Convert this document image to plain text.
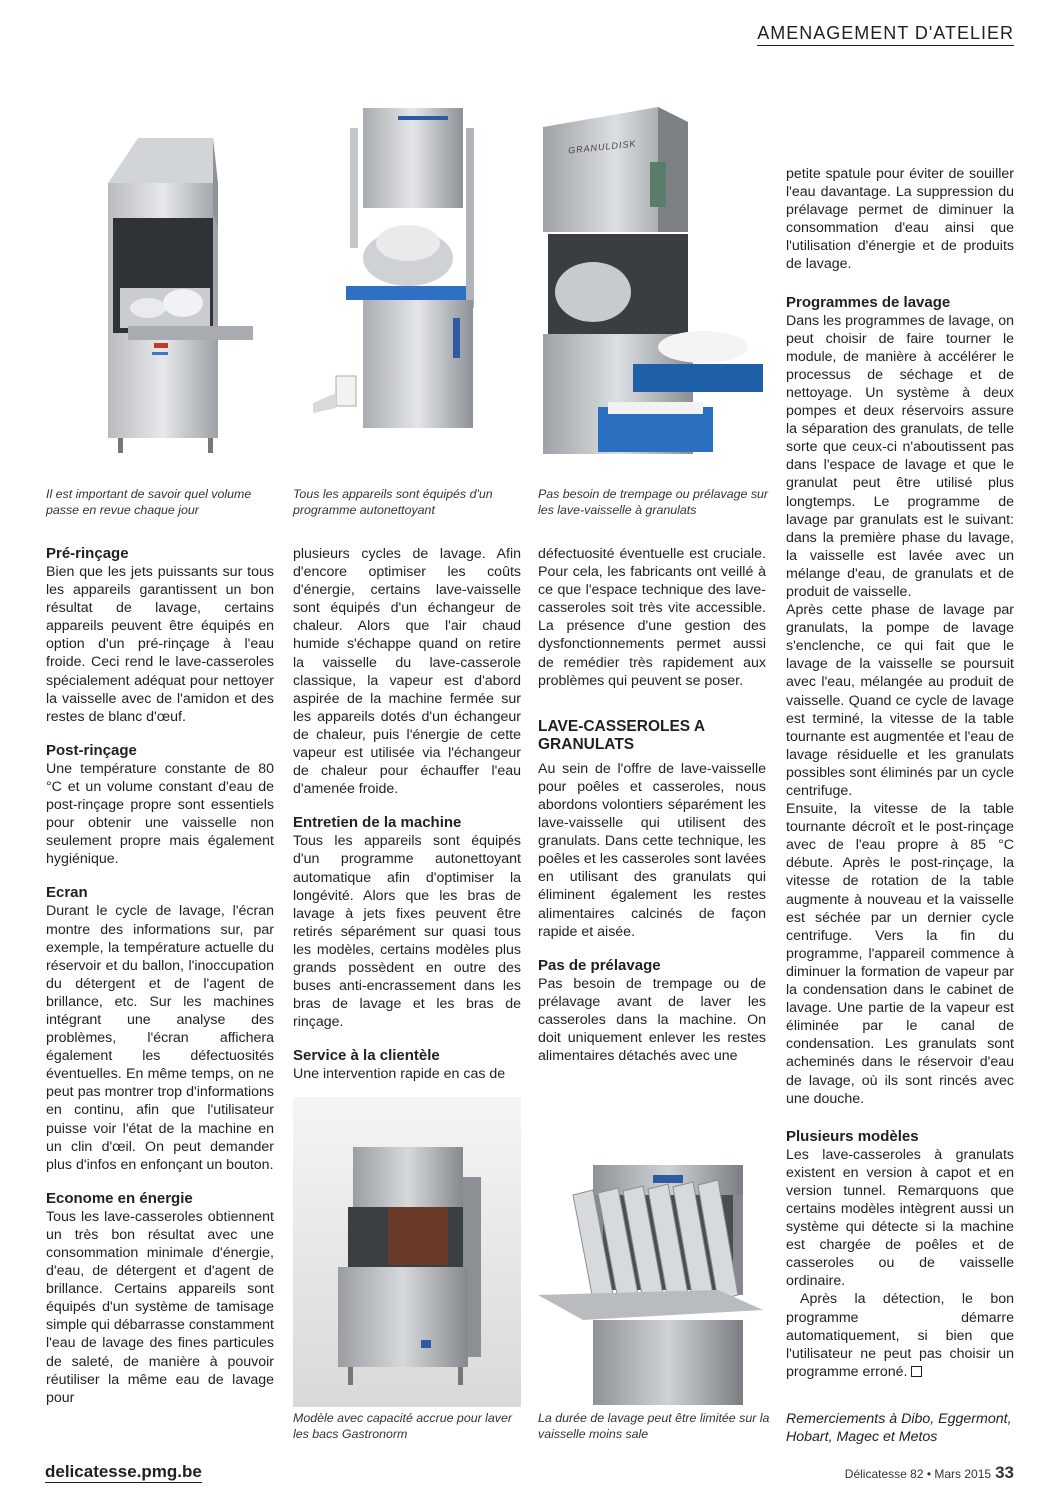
AMENAGEMENT D'ATELIER
Il est important de savoir quel volume passe en revue chaque jour
Tous les appareils sont équipés d'un programme autonettoyant
GRANULDISK
Pas besoin de trempage ou prélavage sur les lave-vaisselle à granulats
Pré-rinçage

Bien que les jets puissants sur tous les appareils garantissent un bon résultat de lavage, certains appareils peuvent être équipés en option d'un pré-rinçage à l'eau froide. Ceci rend le lave-casseroles spécialement adéquat pour nettoyer la vaisselle avec de l'amidon et des restes de blanc d'œuf.

Post-rinçage

Une température constante de 80 °C et un volume constant d'eau de post-rinçage propre sont essentiels pour obtenir une vaisselle non seulement propre mais également hygiénique.

Ecran

Durant le cycle de lavage, l'écran montre des informations sur, par exemple, la température actuelle du réservoir et du ballon, l'inoccupation du détergent et de l'agent de brillance, etc. Sur les machines intégrant une analyse des problèmes, l'écran affichera également les défectuosités éventuelles. En même temps, on ne peut pas montrer trop d'informations en continu, afin que l'utilisateur puisse voir l'état de la machine en un clin d'œil. On peut demander plus d'infos en enfonçant un bouton.

Econome en énergie

Tous les lave-casseroles obtiennent un très bon résultat avec une consommation minimale d'énergie, d'eau, de détergent et d'agent de brillance. Certains appareils sont équipés d'un système de tamisage simple qui débarrasse constamment l'eau de lavage des fines particules de saleté, de manière à pouvoir réutiliser la même eau de lavage pour

plusieurs cycles de lavage. Afin d'encore optimiser les coûts d'énergie, certains lave-vaisselle sont équipés d'un échangeur de chaleur. Alors que l'air chaud humide s'échappe quand on retire la vaisselle du lave-casserole classique, la vapeur est d'abord aspirée de la machine fermée sur les appareils dotés d'un échangeur de chaleur, puis l'énergie de cette vapeur est utilisée via l'échangeur de chaleur pour échauffer l'eau d'amenée froide.

Entretien de la machine

Tous les appareils sont équipés d'un programme autonettoyant automatique afin d'optimiser la longévité. Alors que les bras de lavage à jets fixes peuvent être retirés séparément sur quasi tous les modèles, certains modèles plus grands possèdent en outre des buses anti-encrassement dans les bras de lavage et les bras de rinçage.

Service à la clientèle

Une intervention rapide en cas de

Modèle avec capacité accrue pour laver les bacs Gastronorm

défectuosité éventuelle est cruciale. Pour cela, les fabricants ont veillé à ce que l'espace technique des lave-casseroles soit très vite accessible. La présence d'une gestion des dysfonctionnements permet aussi de remédier très rapidement aux problèmes qui peuvent se poser.

LAVE-CASSEROLES A GRANULATS

Au sein de l'offre de lave-vaisselle pour poêles et casseroles, nous abordons volontiers séparément les lave-vaisselle qui utilisent des granulats. Dans cette technique, les poêles et les casseroles sont lavées en utilisant des granulats qui éliminent également les restes alimentaires calcinés de façon rapide et aisée.

Pas de prélavage

Pas besoin de trempage ou de prélavage avant de laver les casseroles dans la machine. On doit uniquement enlever les restes alimentaires détachés avec une

La durée de lavage peut être limitée sur la vaisselle moins sale

petite spatule pour éviter de souiller l'eau davantage. La suppression du prélavage permet de diminuer la consommation d'eau ainsi que l'utilisation d'énergie et de produits de lavage.

Programmes de lavage

Dans les programmes de lavage, on peut choisir de faire tourner le module, de manière à accélérer le processus de séchage et de nettoyage. Un système à deux pompes et deux réservoirs assure la séparation des granulats, de telle sorte que ceux-ci n'aboutissent pas dans l'espace de lavage et que le granulat peut être utilisé plus longtemps. Le programme de lavage par granulats est le suivant: dans la première phase du lavage, la vaisselle est lavée avec un mélange d'eau, de granulats et de produit de vaisselle.

Après cette phase de lavage par granulats, la pompe de lavage s'enclenche, ce qui fait que le lavage de la vaisselle se poursuit avec l'eau, mélangée au produit de vaisselle. Quand ce cycle de lavage est terminé, la vitesse de la table tournante est augmentée et l'eau de lavage résiduelle et les granulats possibles sont éliminés par un cycle centrifuge.

Ensuite, la vitesse de la table tournante décroît et le post-rinçage avec de l'eau propre à 85 °C débute. Après le post-rinçage, la vitesse de rotation de la table augmente à nouveau et la vaisselle est séchée par un dernier cycle centrifuge. Vers la fin du programme, l'appareil commence à diminuer la formation de vapeur par la condensation dans le cabinet de lavage. Une partie de la vapeur est éliminée par le canal de condensation. Les granulats sont acheminés dans le réservoir d'eau de lavage, où ils sont rincés avec une douche.

Plusieurs modèles

Les lave-casseroles à granulats existent en version à capot et en version tunnel. Remarquons que certains modèles intègrent aussi un système qui détecte si la machine est chargée de poêles et de casseroles ou de vaisselle ordinaire.

Après la détection, le bon programme démarre automatiquement, si bien que l'utilisateur ne peut pas choisir un programme erroné.

Remerciements à Dibo, Eggermont, Hobart, Magec et Metos
delicatesse.pmg.be	Délicatesse 82 • Mars 2015 33
